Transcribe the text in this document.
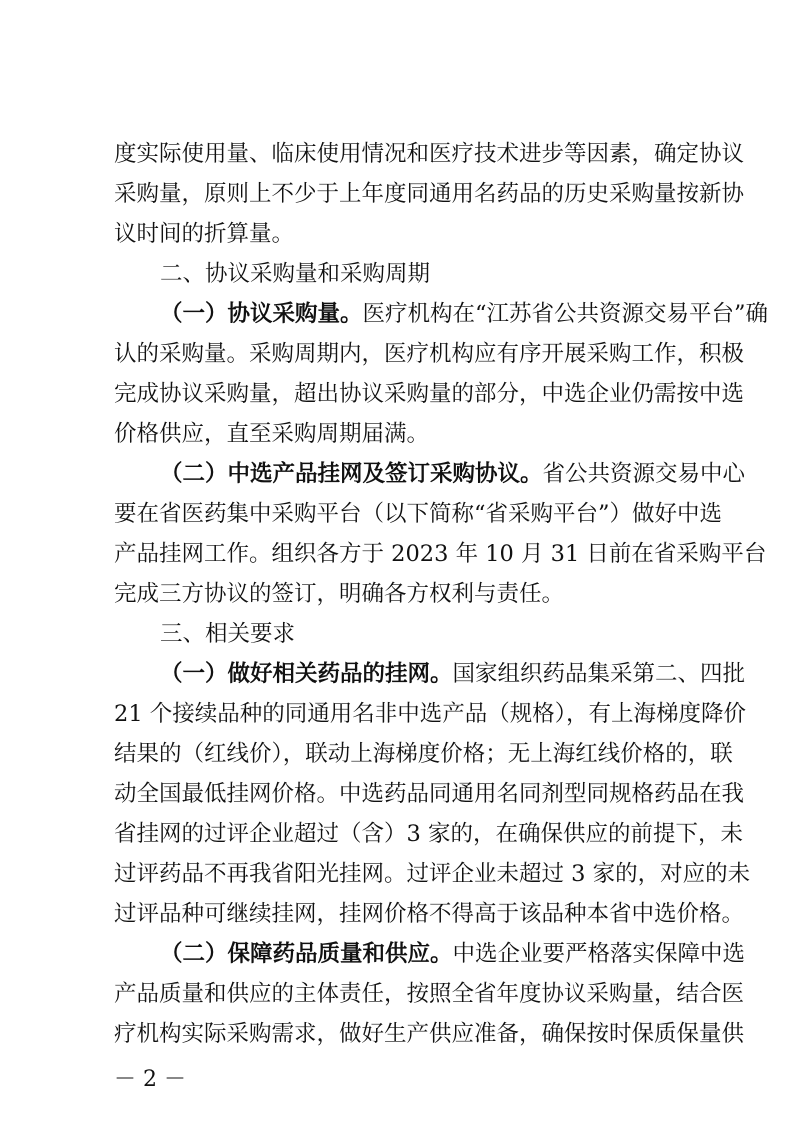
度实际使用量、临床使用情况和医疗技术进步等因素，确定协议
采购量，原则上不少于上年度同通用名药品的历史采购量按新协
议时间的折算量。
二、协议采购量和采购周期
（一）协议采购量。医疗机构在“江苏省公共资源交易平台”确
认的采购量。采购周期内，医疗机构应有序开展采购工作，积极
完成协议采购量，超出协议采购量的部分，中选企业仍需按中选
价格供应，直至采购周期届满。
（二）中选产品挂网及签订采购协议。省公共资源交易中心
要在省医药集中采购平台（以下简称“省采购平台”）做好中选
产品挂网工作。组织各方于 2023 年 10 月 31 日前在省采购平台
完成三方协议的签订，明确各方权利与责任。
三、相关要求
（一）做好相关药品的挂网。国家组织药品集采第二、四批
21 个接续品种的同通用名非中选产品（规格），有上海梯度降价
结果的（红线价），联动上海梯度价格；无上海红线价格的，联
动全国最低挂网价格。中选药品同通用名同剂型同规格药品在我
省挂网的过评企业超过（含）3 家的，在确保供应的前提下，未
过评药品不再我省阳光挂网。过评企业未超过 3 家的，对应的未
过评品种可继续挂网，挂网价格不得高于该品种本省中选价格。
（二）保障药品质量和供应。中选企业要严格落实保障中选
产品质量和供应的主体责任，按照全省年度协议采购量，结合医
疗机构实际采购需求，做好生产供应准备，确保按时保质保量供
－ 2 －
